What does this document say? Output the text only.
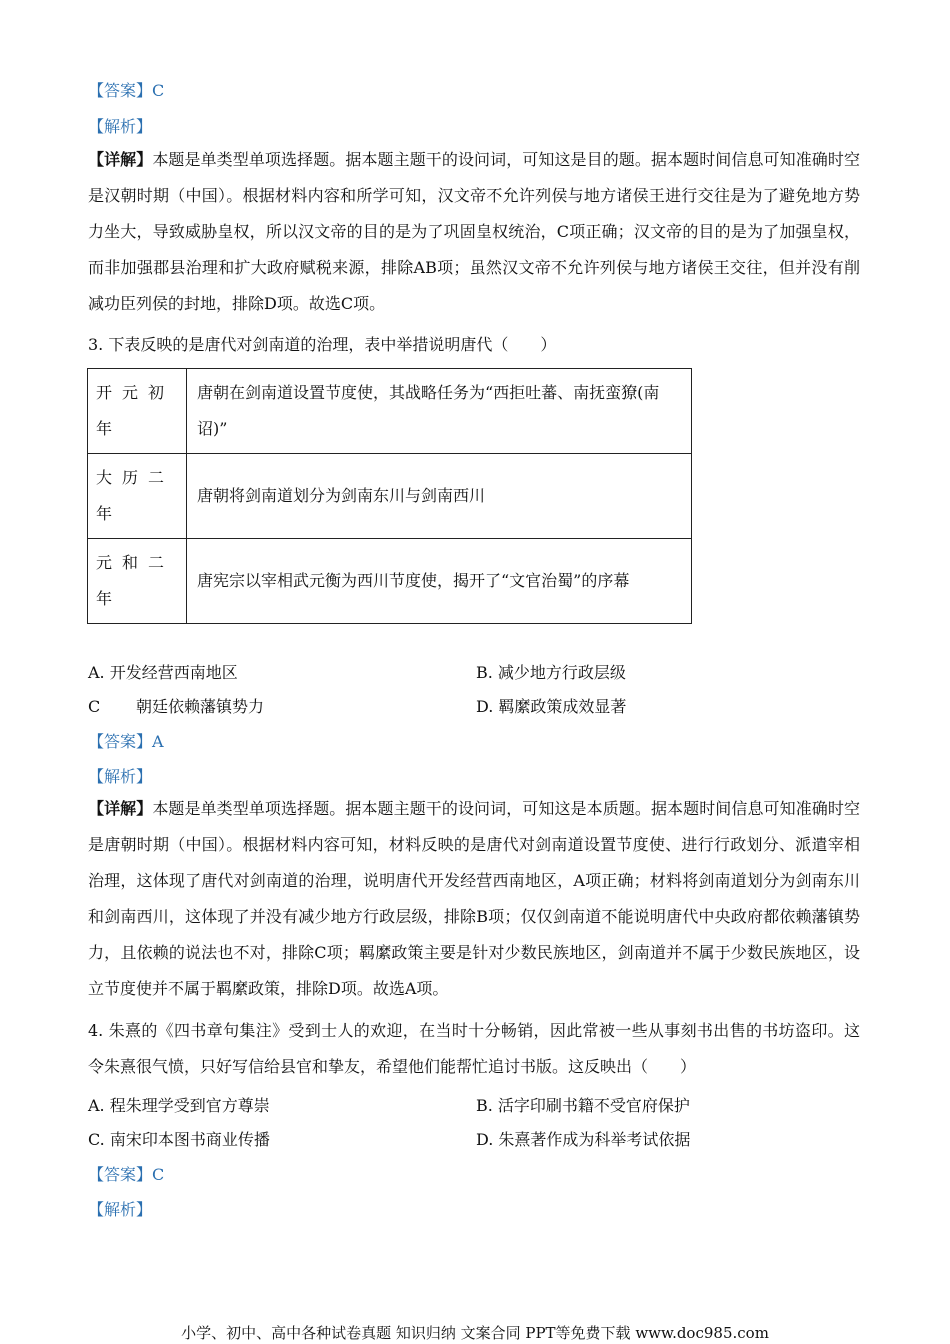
【答案】C
【解析】
【详解】本题是单类型单项选择题。据本题主题干的设问词，可知这是目的题。据本题时间信息可知准确时空是汉朝时期（中国）。根据材料内容和所学可知，汉文帝不允许列侯与地方诸侯王进行交往是为了避免地方势力坐大，导致威胁皇权，所以汉文帝的目的是为了巩固皇权统治，C项正确；汉文帝的目的是为了加强皇权，而非加强郡县治理和扩大政府赋税来源，排除AB项；虽然汉文帝不允许列侯与地方诸侯王交往，但并没有削减功臣列侯的封地，排除D项。故选C项。
3. 下表反映的是唐代对剑南道的治理，表中举措说明唐代（　　）
开元初年	唐朝在剑南道设置节度使，其战略任务为“西拒吐蕃、南抚蛮獠(南诏)”
大历二年	唐朝将剑南道划分为剑南东川与剑南西川
元和二年	唐宪宗以宰相武元衡为西川节度使，揭开了“文官治蜀”的序幕
A. 开发经营西南地区	B. 减少地方行政层级
C 朝廷依赖藩镇势力	D. 羁縻政策成效显著
【答案】A
【解析】
【详解】本题是单类型单项选择题。据本题主题干的设问词，可知这是本质题。据本题时间信息可知准确时空是唐朝时期（中国）。根据材料内容可知，材料反映的是唐代对剑南道设置节度使、进行行政划分、派遣宰相治理，这体现了唐代对剑南道的治理，说明唐代开发经营西南地区，A项正确；材料将剑南道划分为剑南东川和剑南西川，这体现了并没有减少地方行政层级，排除B项；仅仅剑南道不能说明唐代中央政府都依赖藩镇势力，且依赖的说法也不对，排除C项；羁縻政策主要是针对少数民族地区，剑南道并不属于少数民族地区，设立节度使并不属于羁縻政策，排除D项。故选A项。
4. 朱熹的《四书章句集注》受到士人的欢迎，在当时十分畅销，因此常被一些从事刻书出售的书坊盗印。这令朱熹很气愤，只好写信给县官和挚友，希望他们能帮忙追讨书版。这反映出（　　）
A. 程朱理学受到官方尊崇	B. 活字印刷书籍不受官府保护
C. 南宋印本图书商业传播	D. 朱熹著作成为科举考试依据
【答案】C
【解析】
小学、初中、高中各种试卷真题 知识归纳 文案合同 PPT等免费下载 www.doc985.com
